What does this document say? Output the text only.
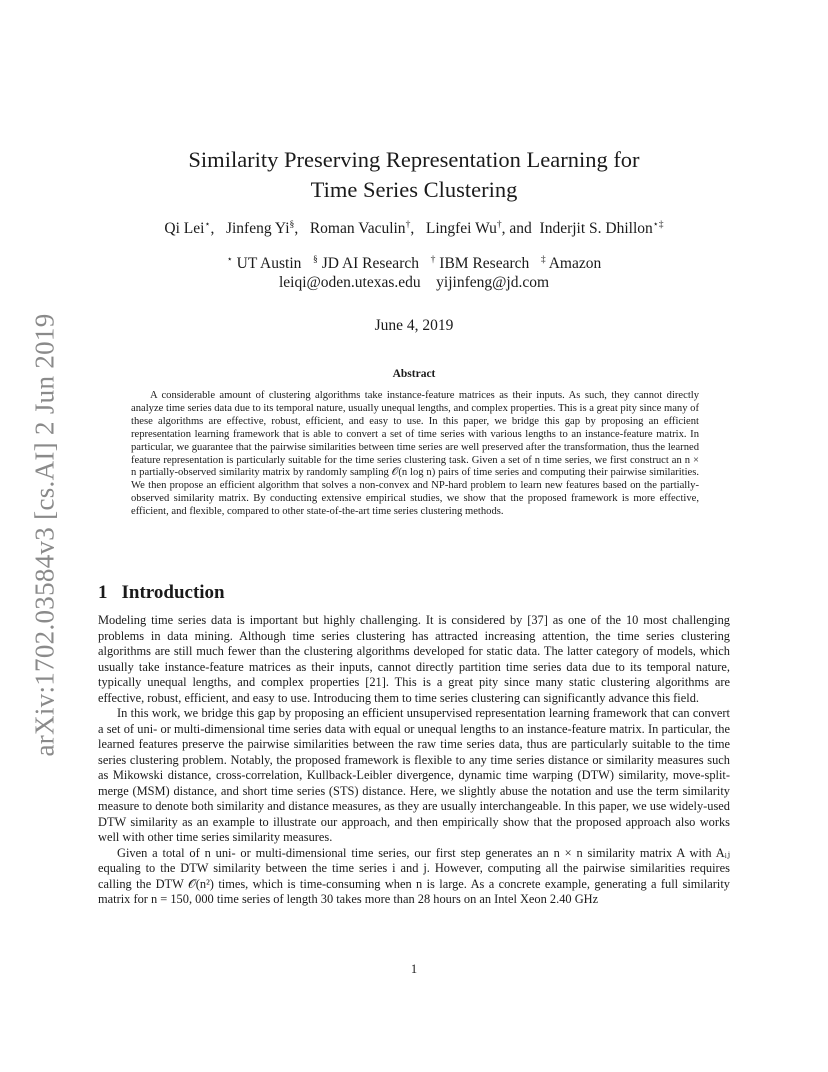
arXiv:1702.03584v3 [cs.AI] 2 Jun 2019
Similarity Preserving Representation Learning for
Time Series Clustering
Qi Lei⋆,   Jinfeng Yi§,   Roman Vaculin†,   Lingfei Wu†, and Inderjit S. Dhillon⋆‡
⋆ UT Austin § JD AI Research † IBM Research ‡ Amazon
leiqi@oden.utexas.edu    yijinfeng@jd.com
June 4, 2019
Abstract

A considerable amount of clustering algorithms take instance-feature matrices as their inputs. As such, they cannot directly analyze time series data due to its temporal nature, usually unequal lengths, and complex properties. This is a great pity since many of these algorithms are effective, robust, efficient, and easy to use. In this paper, we bridge this gap by proposing an efficient representation learning framework that is able to convert a set of time series with various lengths to an instance-feature matrix. In particular, we guarantee that the pairwise similarities between time series are well preserved after the transformation, thus the learned feature representation is particularly suitable for the time series clustering task. Given a set of n time series, we first construct an n × n partially-observed similarity matrix by randomly sampling 𝒪(n log n) pairs of time series and computing their pairwise similarities. We then propose an efficient algorithm that solves a non-convex and NP-hard problem to learn new features based on the partially-observed similarity matrix. By conducting extensive empirical studies, we show that the proposed framework is more effective, efficient, and flexible, compared to other state-of-the-art time series clustering methods.

1 Introduction

Modeling time series data is important but highly challenging. It is considered by [37] as one of the 10 most challenging problems in data mining. Although time series clustering has attracted increasing attention, the time series clustering algorithms are still much fewer than the clustering algorithms developed for static data. The latter category of models, which usually take instance-feature matrices as their inputs, cannot directly partition time series data due to its temporal nature, typically unequal lengths, and complex properties [21]. This is a great pity since many static clustering algorithms are effective, robust, efficient, and easy to use. Introducing them to time series clustering can significantly advance this field.

In this work, we bridge this gap by proposing an efficient unsupervised representation learning framework that can convert a set of uni- or multi-dimensional time series data with equal or unequal lengths to an instance-feature matrix. In particular, the learned features preserve the pairwise similarities between the raw time series data, thus are particularly suitable to the time series clustering problem. Notably, the proposed framework is flexible to any time series distance or similarity measures such as Mikowski distance, cross-correlation, Kullback-Leibler divergence, dynamic time warping (DTW) similarity, move-split-merge (MSM) distance, and short time series (STS) distance. Here, we slightly abuse the notation and use the term similarity measure to denote both similarity and distance measures, as they are usually interchangeable. In this paper, we use widely-used DTW similarity as an example to illustrate our approach, and then empirically show that the proposed approach also works well with other time series similarity measures.

Given a total of n uni- or multi-dimensional time series, our first step generates an n × n similarity matrix A with Aᵢⱼ equaling to the DTW similarity between the time series i and j. However, computing all the pairwise similarities requires calling the DTW 𝒪(n²) times, which is time-consuming when n is large. As a concrete example, generating a full similarity matrix for n = 150, 000 time series of length 30 takes more than 28 hours on an Intel Xeon 2.40 GHz

1
